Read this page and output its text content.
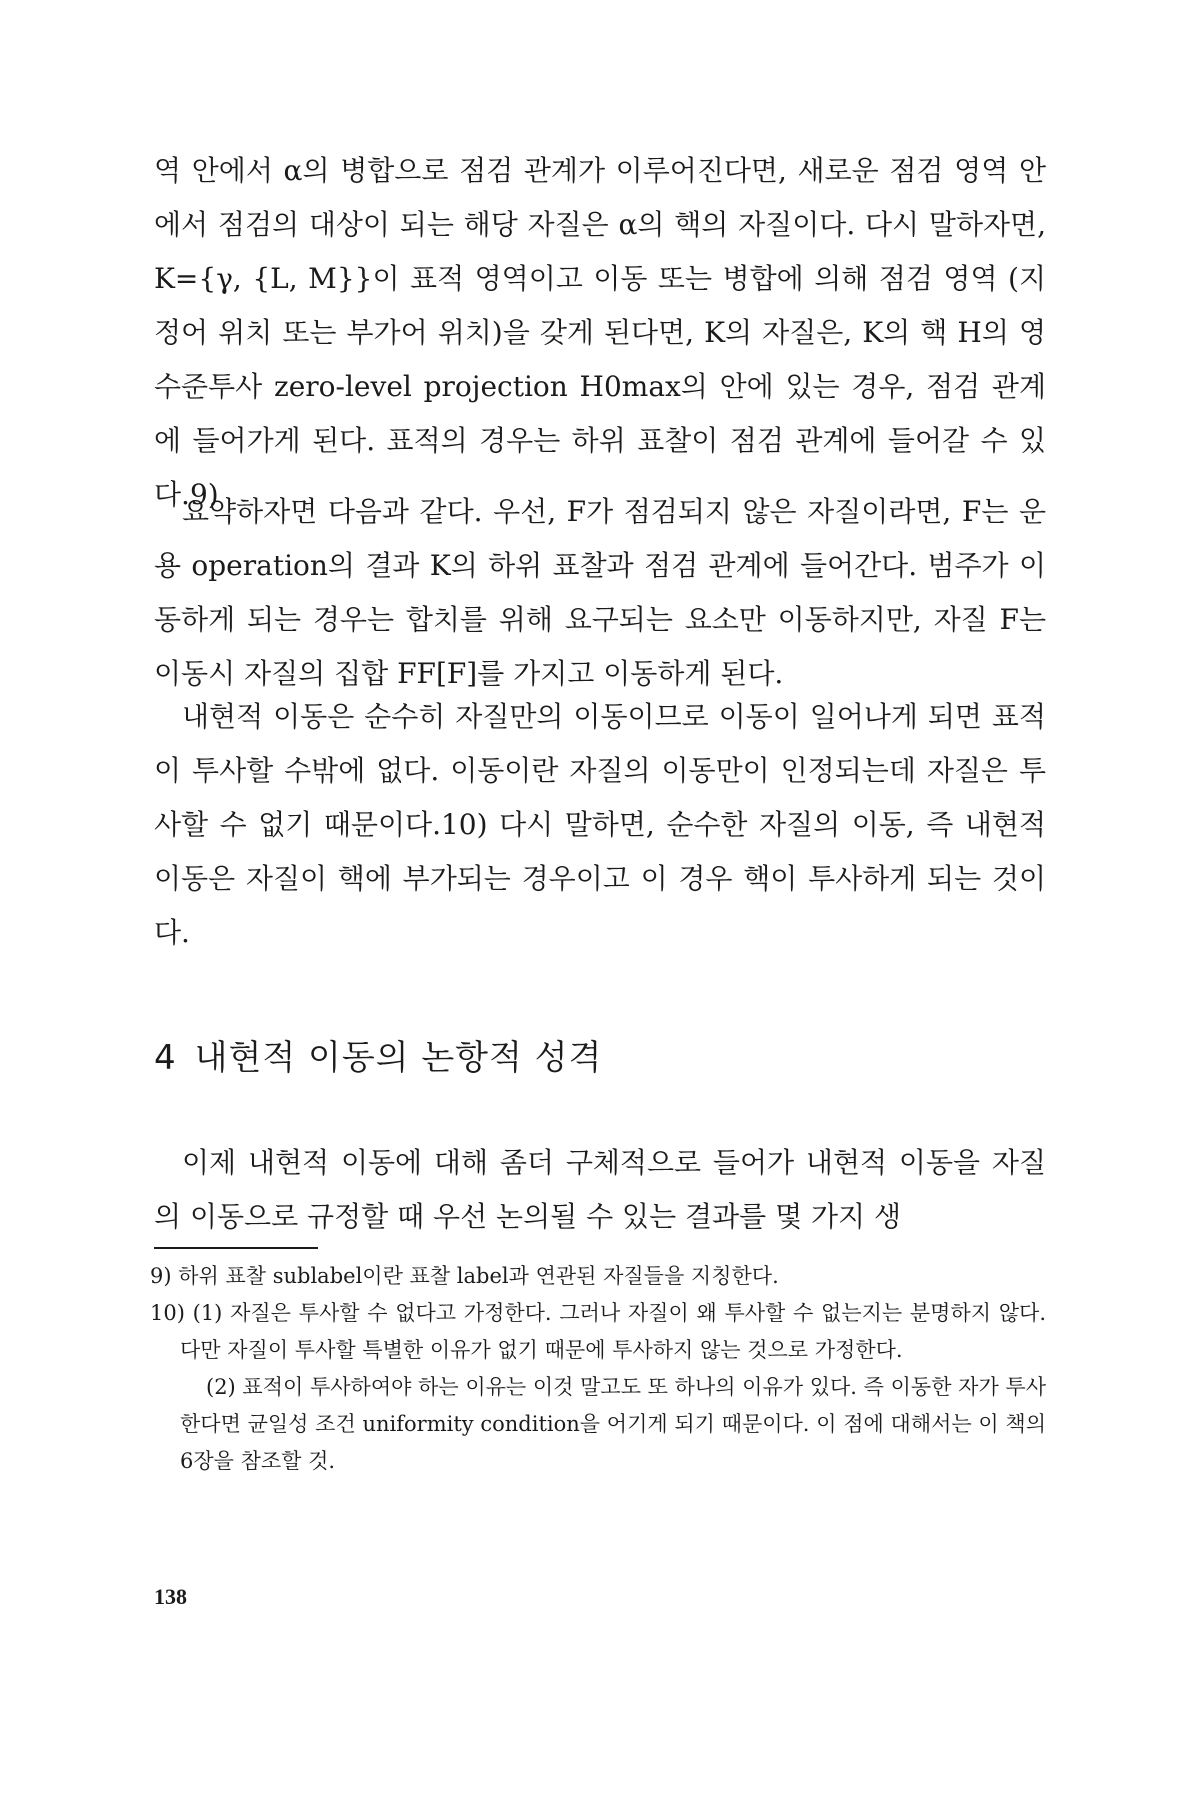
역 안에서 α의 병합으로 점검 관계가 이루어진다면, 새로운 점검 영역 안에서 점검의 대상이 되는 해당 자질은 α의 핵의 자질이다. 다시 말하자면, K={γ, {L, M}}이 표적 영역이고 이동 또는 병합에 의해 점검 영역 (지정어 위치 또는 부가어 위치)을 갖게 된다면, K의 자질은, K의 핵 H의 영수준투사 zero-level projection H0max의 안에 있는 경우, 점검 관계에 들어가게 된다. 표적의 경우는 하위 표찰이 점검 관계에 들어갈 수 있다.9)

요약하자면 다음과 같다. 우선, F가 점검되지 않은 자질이라면, F는 운용 operation의 결과 K의 하위 표찰과 점검 관계에 들어간다. 범주가 이동하게 되는 경우는 합치를 위해 요구되는 요소만 이동하지만, 자질 F는 이동시 자질의 집합 FF[F]를 가지고 이동하게 된다.

내현적 이동은 순수히 자질만의 이동이므로 이동이 일어나게 되면 표적이 투사할 수밖에 없다. 이동이란 자질의 이동만이 인정되는데 자질은 투사할 수 없기 때문이다.10) 다시 말하면, 순수한 자질의 이동, 즉 내현적 이동은 자질이 핵에 부가되는 경우이고 이 경우 핵이 투사하게 되는 것이다.

4 내현적 이동의 논항적 성격

이제 내현적 이동에 대해 좀더 구체적으로 들어가 내현적 이동을 자질의 이동으로 규정할 때 우선 논의될 수 있는 결과를 몇 가지 생

9) 하위 표찰 sublabel이란 표찰 label과 연관된 자질들을 지칭한다.

10) (1) 자질은 투사할 수 없다고 가정한다. 그러나 자질이 왜 투사할 수 없는지는 분명하지 않다. 다만 자질이 투사할 특별한 이유가 없기 때문에 투사하지 않는 것으로 가정한다.

(2) 표적이 투사하여야 하는 이유는 이것 말고도 또 하나의 이유가 있다. 즉 이동한 자가 투사한다면 균일성 조건 uniformity condition을 어기게 되기 때문이다. 이 점에 대해서는 이 책의 6장을 참조할 것.

138
